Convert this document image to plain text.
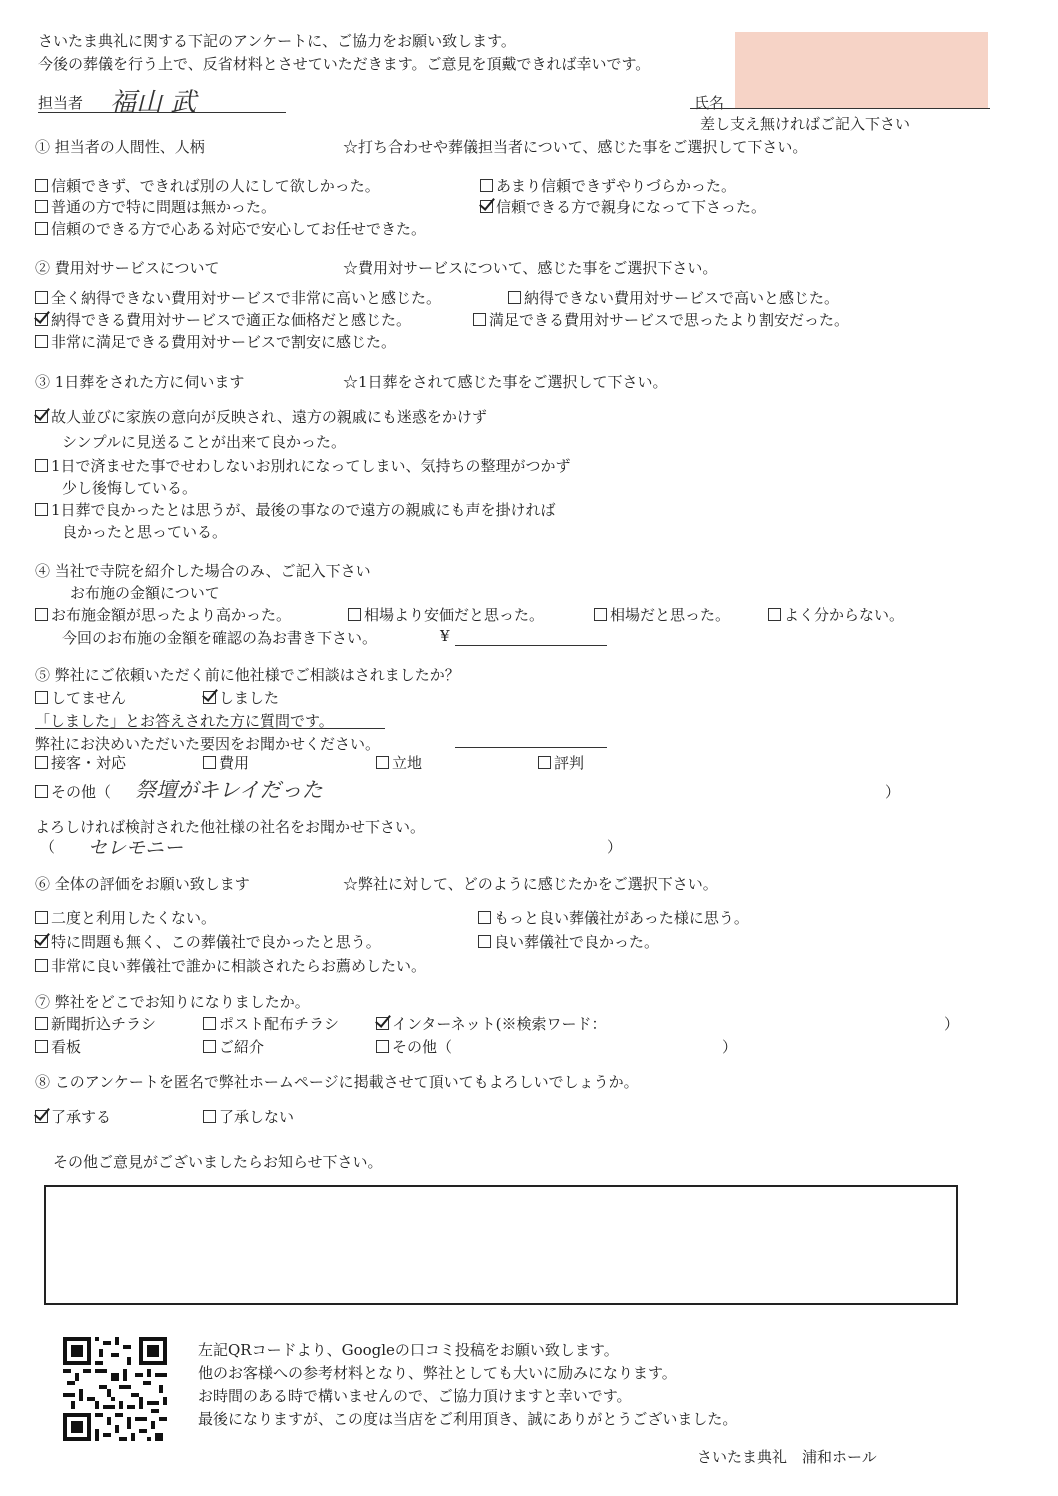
さいたま典礼に関する下記のアンケートに、ご協力をお願い致します。
今後の葬儀を行う上で、反省材料とさせていただきます。ご意見を頂戴できれば幸いです。
担当者 福山 武	氏名
差し支え無ければご記入下さい
① 担当者の人間性、人柄	☆打ち合わせや葬儀担当者について、感じた事をご選択して下さい。
信頼できず、できれば別の人にして欲しかった。	あまり信頼できずやりづらかった。
普通の方で特に問題は無かった。	信頼できる方で親身になって下さった。
信頼のできる方で心ある対応で安心してお任せできた。
② 費用対サービスについて	☆費用対サービスについて、感じた事をご選択下さい。
全く納得できない費用対サービスで非常に高いと感じた。	納得できない費用対サービスで高いと感じた。
納得できる費用対サービスで適正な価格だと感じた。	満足できる費用対サービスで思ったより割安だった。
非常に満足できる費用対サービスで割安に感じた。
③ 1日葬をされた方に伺います	☆1日葬をされて感じた事をご選択して下さい。
故人並びに家族の意向が反映され、遠方の親戚にも迷惑をかけず
シンプルに見送ることが出来て良かった。
1日で済ませた事でせわしないお別れになってしまい、気持ちの整理がつかず
少し後悔している。
1日葬で良かったとは思うが、最後の事なので遠方の親戚にも声を掛ければ
良かったと思っている。
④ 当社で寺院を紹介した場合のみ、ご記入下さい
お布施の金額について
お布施金額が思ったより高かった。	相場より安価だと思った。	相場だと思った。	よく分からない。
今回のお布施の金額を確認の為お書き下さい。	¥
⑤ 弊社にご依頼いただく前に他社様でご相談はされましたか？
してません	しました
「しました」とお答えされた方に質問です。
弊社にお決めいただいた要因をお聞かせください。
接客・対応	費用	立地	評判
その他（ 祭壇がキレイだった	）
よろしければ検討された他社様の社名をお聞かせ下さい。
（ セレモニー	）
⑥ 全体の評価をお願い致します	☆弊社に対して、どのように感じたかをご選択下さい。
二度と利用したくない。	もっと良い葬儀社があった様に思う。
特に問題も無く、この葬儀社で良かったと思う。	良い葬儀社で良かった。
非常に良い葬儀社で誰かに相談されたらお薦めしたい。
⑦ 弊社をどこでお知りになりましたか。
新聞折込チラシ	ポスト配布チラシ	インターネット(※検索ワード：	）
看板	ご紹介	その他（	）
⑧ このアンケートを匿名で弊社ホームページに掲載させて頂いてもよろしいでしょうか。
了承する	了承しない
その他ご意見がございましたらお知らせ下さい。
左記QRコードより、Googleの口コミ投稿をお願い致します。
他のお客様への参考材料となり、弊社としても大いに励みになります。
お時間のある時で構いませんので、ご協力頂けますと幸いです。
最後になりますが、この度は当店をご利用頂き、誠にありがとうございました。
さいたま典礼　浦和ホール
